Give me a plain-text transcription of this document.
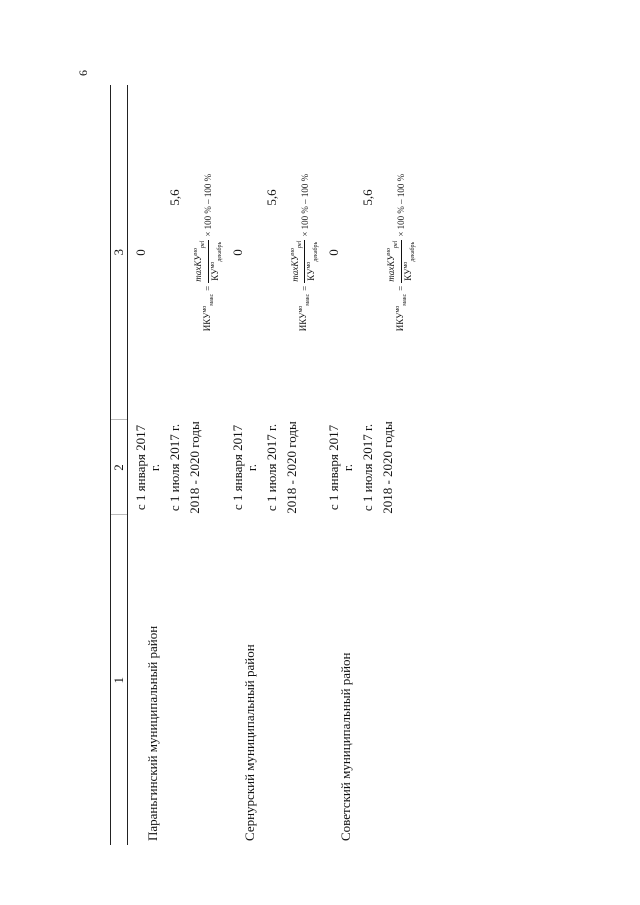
6
1	2	3
Параньгинский муниципальный район	с 1 января 2017 г.	0
	с 1 июля 2017 г.	5,6
	2018 - 2020 годы	$ИКУ^{мо}_{макс}$
=
maxКУ$^{мо}_{реl}$
$КУ^{мо}_{декабрь}$
× 100 % – 100 %

Сернурский муниципальный район	с 1 января 2017 г.	0
	с 1 июля 2017 г.	5,6
	2018 - 2020 годы	$ИКУ^{мо}_{макс}$
=
maxКУ$^{мо}_{реl}$
$КУ^{мо}_{декабрь}$
× 100 % – 100 %

Советский муниципальный район	с 1 января 2017 г.	0
	с 1 июля 2017 г.	5,6
	2018 - 2020 годы	$ИКУ^{мо}_{макс}$
=
maxКУ$^{мо}_{реl}$
$КУ^{мо}_{декабрь}$
× 100 % – 100 %
